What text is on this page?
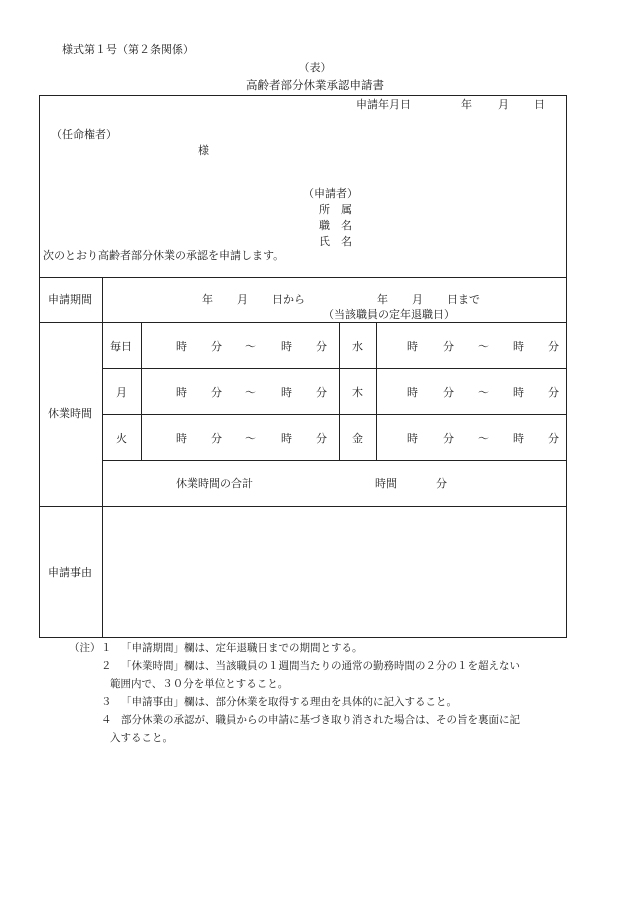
様式第１号（第２条関係）
（表）
高齢者部分休業承認申請書
申請年月日	年 月 日
（任命権者）
様
（申請者）
所　属
職　名
氏　名
次のとおり高齢者部分休業の承認を申請します。
申請期間	年 月 日から	年 月 日まで
（当該職員の定年退職日）
休業時間
毎日	時 分 ～ 時 分 水	時 分 ～ 時 分
月	時 分 ～ 時 分 木	時 分 ～ 時 分
火	時 分 ～ 時 分 金	時 分 ～ 時 分
休業時間の合計	時間	分
申請事由
（注） １ 「申請期間」欄は、定年退職日までの期間とする。
２ 「休業時間」欄は、当該職員の１週間当たりの通常の勤務時間の２分の１を超えない
範囲内で、３０分を単位とすること。
３ 「申請事由」欄は、部分休業を取得する理由を具体的に記入すること。
４ 部分休業の承認が、職員からの申請に基づき取り消された場合は、その旨を裏面に記
入すること。
